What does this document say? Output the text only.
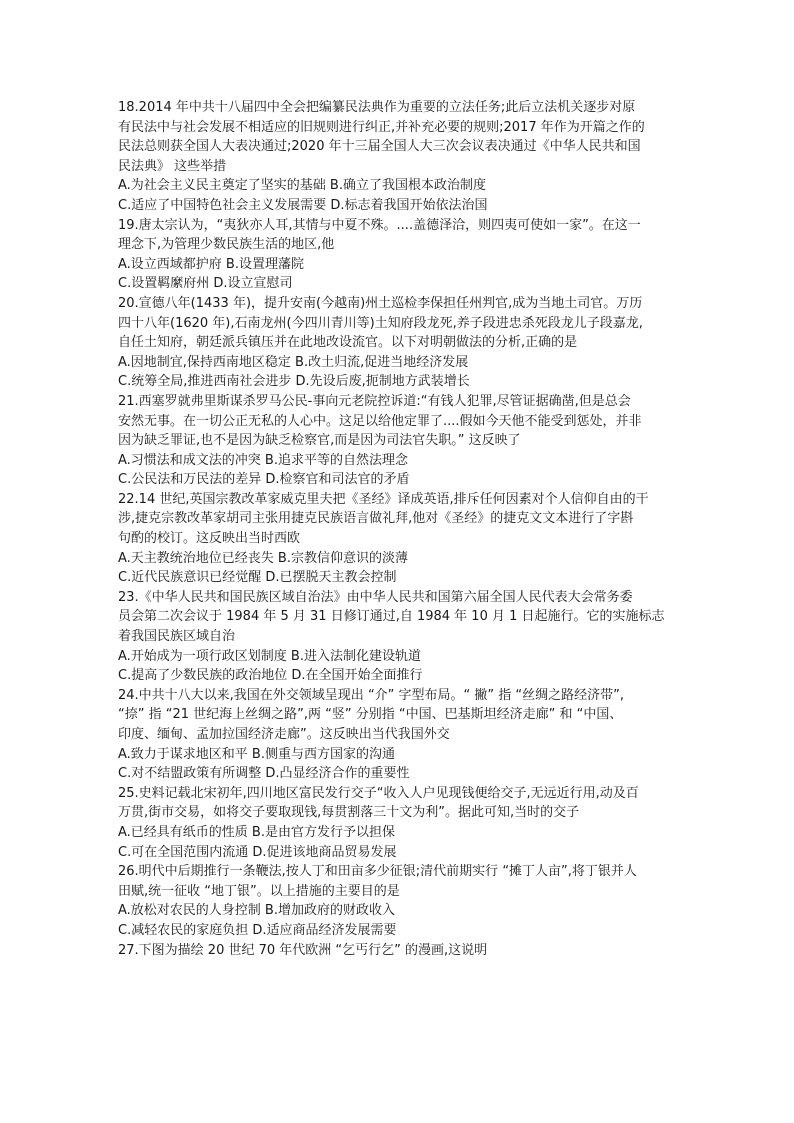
18.2014 年中共十八届四中全会把编纂民法典作为重要的立法任务;此后立法机关逐步对原
有民法中与社会发展不相适应的旧规则进行纠正,并补充必要的规则;2017 年作为开篇之作的
民法总则获全国人大表决通过;2020 年十三届全国人大三次会议表决通过《中华人民共和国
民法典》 这些举措
A.为社会主义民主奠定了坚实的基础 B.确立了我国根本政治制度
C.适应了中国特色社会主义发展需要 D.标志着我国开始依法治国
19.唐太宗认为，“夷狄亦人耳,其情与中夏不殊。....盖德泽洽，则四夷可使如一家”。在这一
理念下,为管理少数民族生活的地区,他
A.设立西域都护府 B.设置理藩院
C.设置羁縻府州 D.设立宣慰司
20.宣德八年(1433 年)，提升安南(今越南)州土巡检李保担任州判官,成为当地土司官。万历
四十八年(1620 年),石南龙州(今四川青川等)土知府段龙死,养子段进忠杀死段龙儿子段嘉龙,
自任土知府，朝廷派兵镇压并在此地改设流官。以下对明朝做法的分析,正确的是
A.因地制宜,保持西南地区稳定 B.改土归流,促进当地经济发展
C.统筹全局,推进西南社会进步 D.先设后废,扼制地方武装增长
21.西塞罗就弗里斯谋杀罗马公民-事向元老院控诉道:“有钱人犯罪,尽管证据确凿,但是总会
安然无事。在一切公正无私的人心中。这足以给他定罪了....假如今天他不能受到惩处，并非
因为缺乏罪证,也不是因为缺乏检察官,而是因为司法官失职。” 这反映了
A.习惯法和成文法的冲突 B.追求平等的自然法理念
C.公民法和万民法的差异 D.检察官和司法官的矛盾
22.14 世纪,英国宗教改革家威克里夫把《圣经》译成英语,排斥任何因素对个人信仰自由的干
涉,捷克宗教改革家胡司主张用捷克民族语言做礼拜,他对《圣经》的捷克文文本进行了字斟
句酌的校订。这反映出当时西欧
A.天主教统治地位已经丧失 B.宗教信仰意识的淡薄
C.近代民族意识已经觉醒 D.已摆脱天主教会控制
23.《中华人民共和国民族区域自治法》由中华人民共和国第六届全国人民代表大会常务委
员会第二次会议于 1984 年 5 月 31 日修订通过,自 1984 年 10 月 1 日起施行。它的实施标志
着我国民族区域自治
A.开始成为一项行政区划制度 B.进入法制化建设轨道
C.提高了少数民族的政治地位 D.在全国开始全面推行
24.中共十八大以来,我国在外交领域呈现出 “介” 字型布局。“ 撇” 指 “丝绸之路经济带”,
“捺” 指 “21 世纪海上丝绸之路”,两 “竖” 分别指 “中国、巴基斯坦经济走廊” 和 “中国、
印度、缅甸、孟加拉国经济走廊”。这反映出当代我国外交
A.致力于谋求地区和平 B.侧重与西方国家的沟通
C.对不结盟政策有所调整 D.凸显经济合作的重要性
25.史料记载北宋初年,四川地区富民发行交子“收入人户见现钱便给交子,无远近行用,动及百
万贯,街市交易，如将交子要取现钱,每贯割落三十文为利”。据此可知,当时的交子
A.已经具有纸币的性质 B.是由官方发行予以担保
C.可在全国范围内流通 D.促进该地商品贸易发展
26.明代中后期推行一条鞭法,按人丁和田亩多少征银;清代前期实行 “摊丁人亩”,将丁银并人
田赋,统一征收 “地丁银”。以上措施的主要目的是
A.放松对农民的人身控制 B.增加政府的财政收入
C.减轻农民的家庭负担 D.适应商品经济发展需要
27.下图为描绘 20 世纪 70 年代欧洲 “乞丐行乞” 的漫画,这说明
